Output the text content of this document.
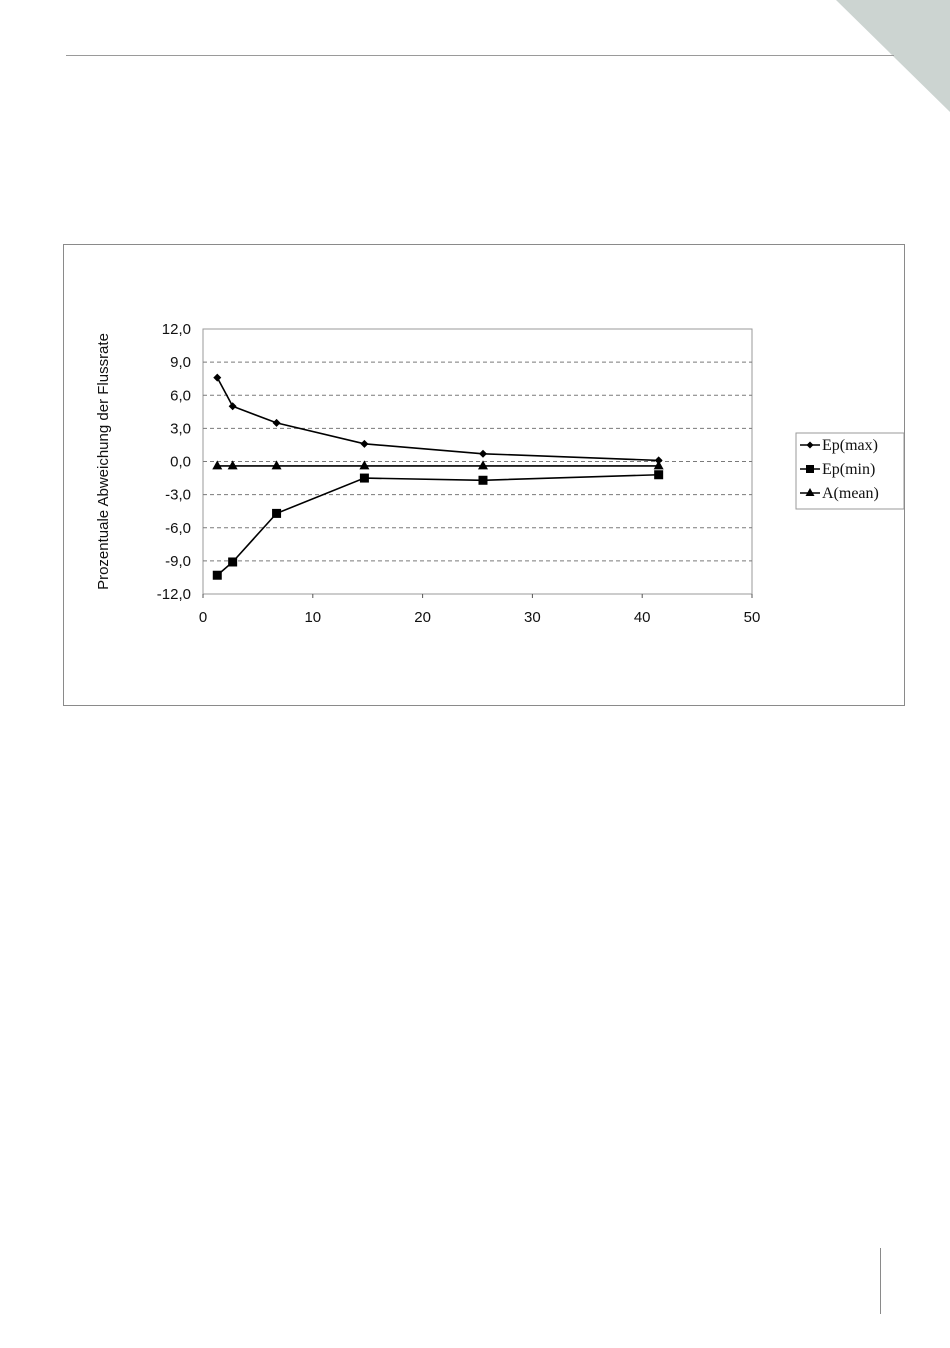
12,0
9,0
6,0
3,0
0,0
-3,0
-6,0
-9,0
-12,0
0	10	20	30	40	50
Prozentuale Abweichung der Flussrate	Ep(max)
Ep(min)
A(mean)
